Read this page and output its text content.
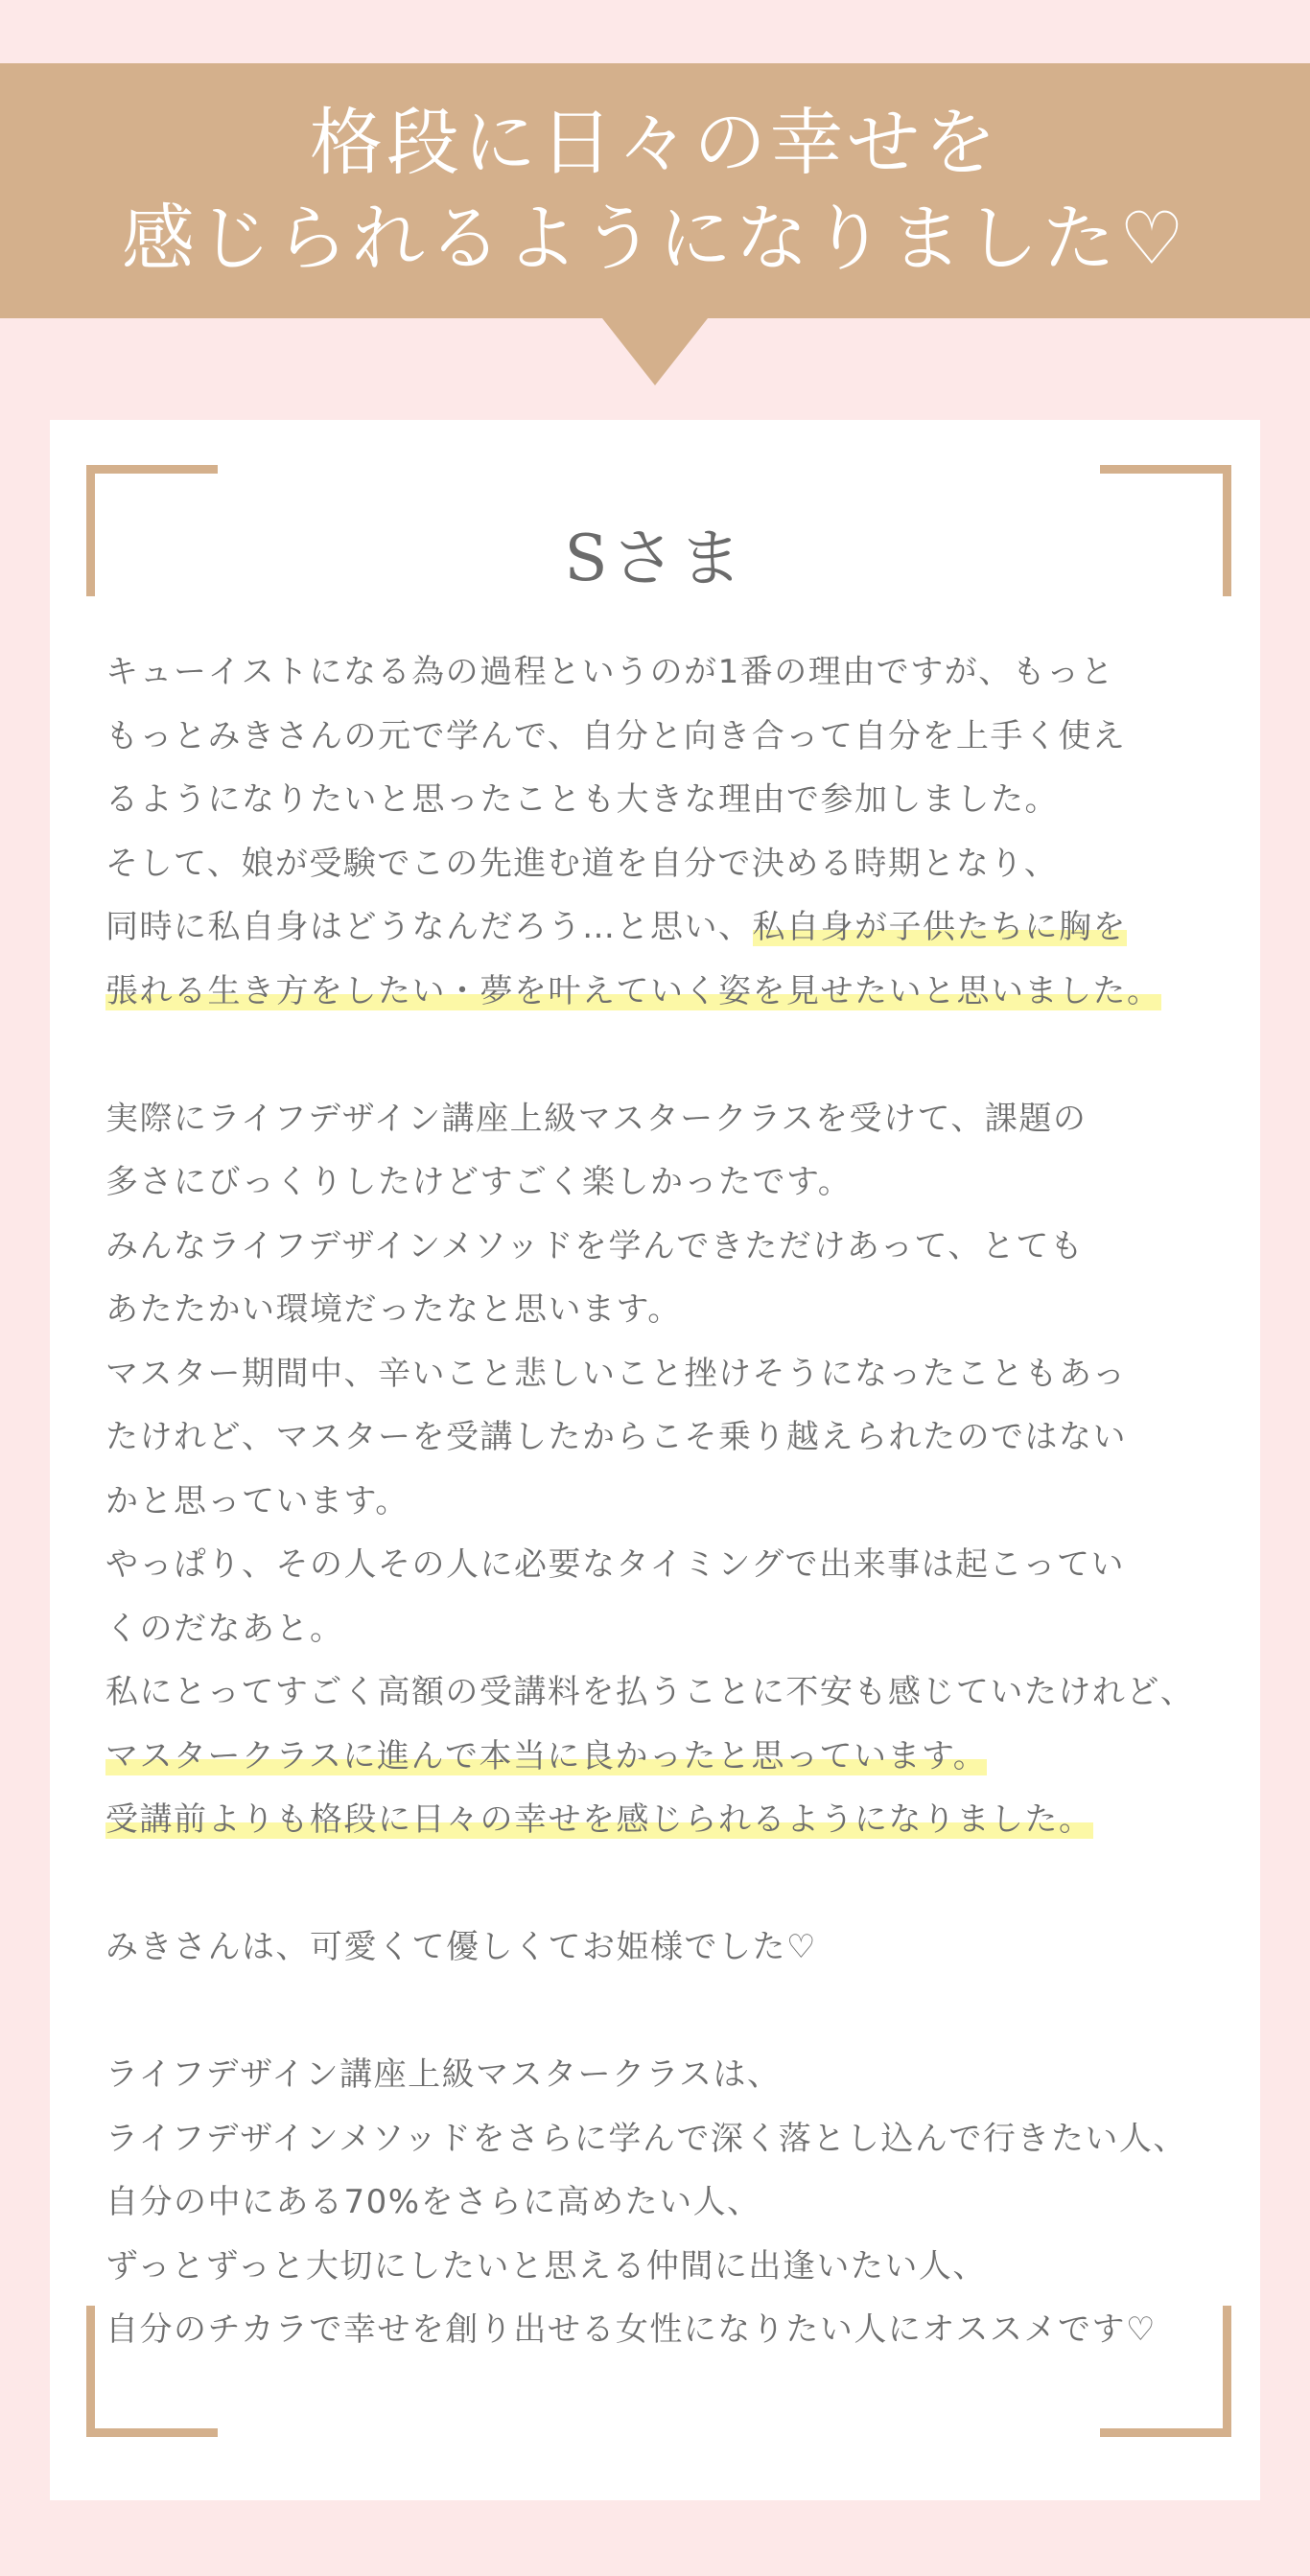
格段に日々の幸せを
感じられるようになりました♡
Sさま
キューイストになる為の過程というのが1番の理由ですが、もっと
もっとみきさんの元で学んで、自分と向き合って自分を上手く使え
るようになりたいと思ったことも大きな理由で参加しました。
そして、娘が受験でこの先進む道を自分で決める時期となり、
同時に私自身はどうなんだろう…と思い、私自身が子供たちに胸を
張れる生き方をしたい・夢を叶えていく姿を見せたいと思いました。
実際にライフデザイン講座上級マスタークラスを受けて、課題の
多さにびっくりしたけどすごく楽しかったです。
みんなライフデザインメソッドを学んできただけあって、とても
あたたかい環境だったなと思います。
マスター期間中、辛いこと悲しいこと挫けそうになったこともあっ
たけれど、マスターを受講したからこそ乗り越えられたのではない
かと思っています。
やっぱり、その人その人に必要なタイミングで出来事は起こってい
くのだなあと。
私にとってすごく高額の受講料を払うことに不安も感じていたけれど、
マスタークラスに進んで本当に良かったと思っています。
受講前よりも格段に日々の幸せを感じられるようになりました。
みきさんは、可愛くて優しくてお姫様でした♡
ライフデザイン講座上級マスタークラスは、
ライフデザインメソッドをさらに学んで深く落とし込んで行きたい人、
自分の中にある70%をさらに高めたい人、
ずっとずっと大切にしたいと思える仲間に出逢いたい人、
自分のチカラで幸せを創り出せる女性になりたい人にオススメです♡
